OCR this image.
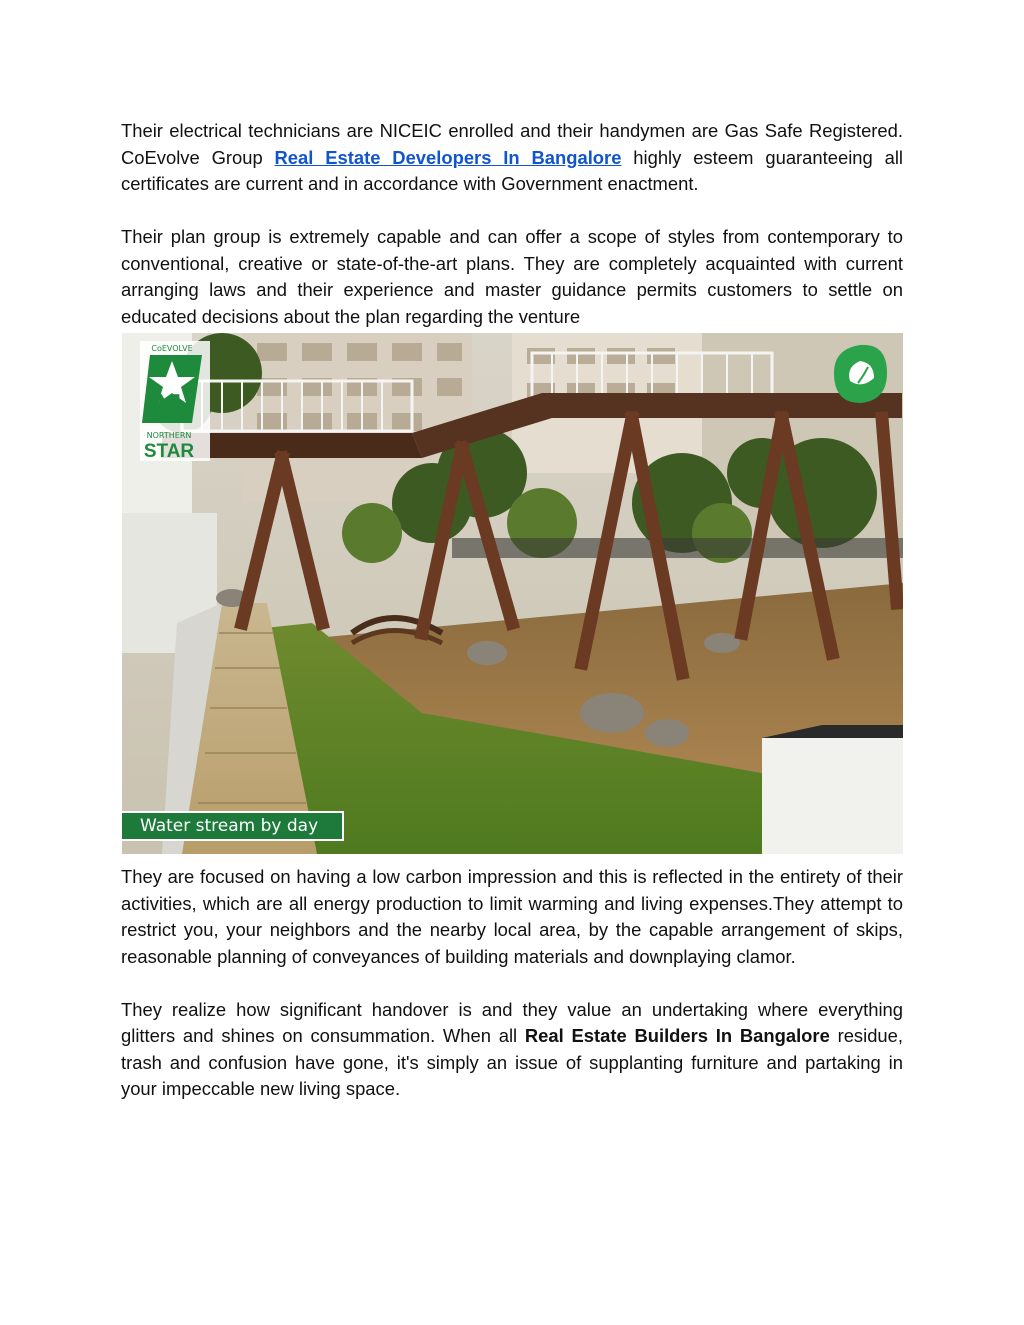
Their electrical technicians are NICEIC enrolled and their handymen are Gas Safe Registered. CoEvolve Group Real Estate Developers In Bangalore highly esteem guaranteeing all certificates are current and in accordance with Government enactment.

Their plan group is extremely capable and can offer a scope of styles from contemporary to conventional, creative or state-of-the-art plans. They are completely acquainted with current arranging laws and their experience and master guidance permits customers to settle on educated decisions about the plan regarding the venture

N
CoEVOLVE
NORTHERN
STAR
Water stream by day

They are focused on having a low carbon impression and this is reflected in the entirety of their activities, which are all energy production to limit warming and living expenses.They attempt to restrict you, your neighbors and the nearby local area, by the capable arrangement of skips, reasonable planning of conveyances of building materials and downplaying clamor.

They realize how significant handover is and they value an undertaking where everything glitters and shines on consummation. When all Real Estate Builders In Bangalore residue, trash and confusion have gone, it's simply an issue of supplanting furniture and partaking in your impeccable new living space.
